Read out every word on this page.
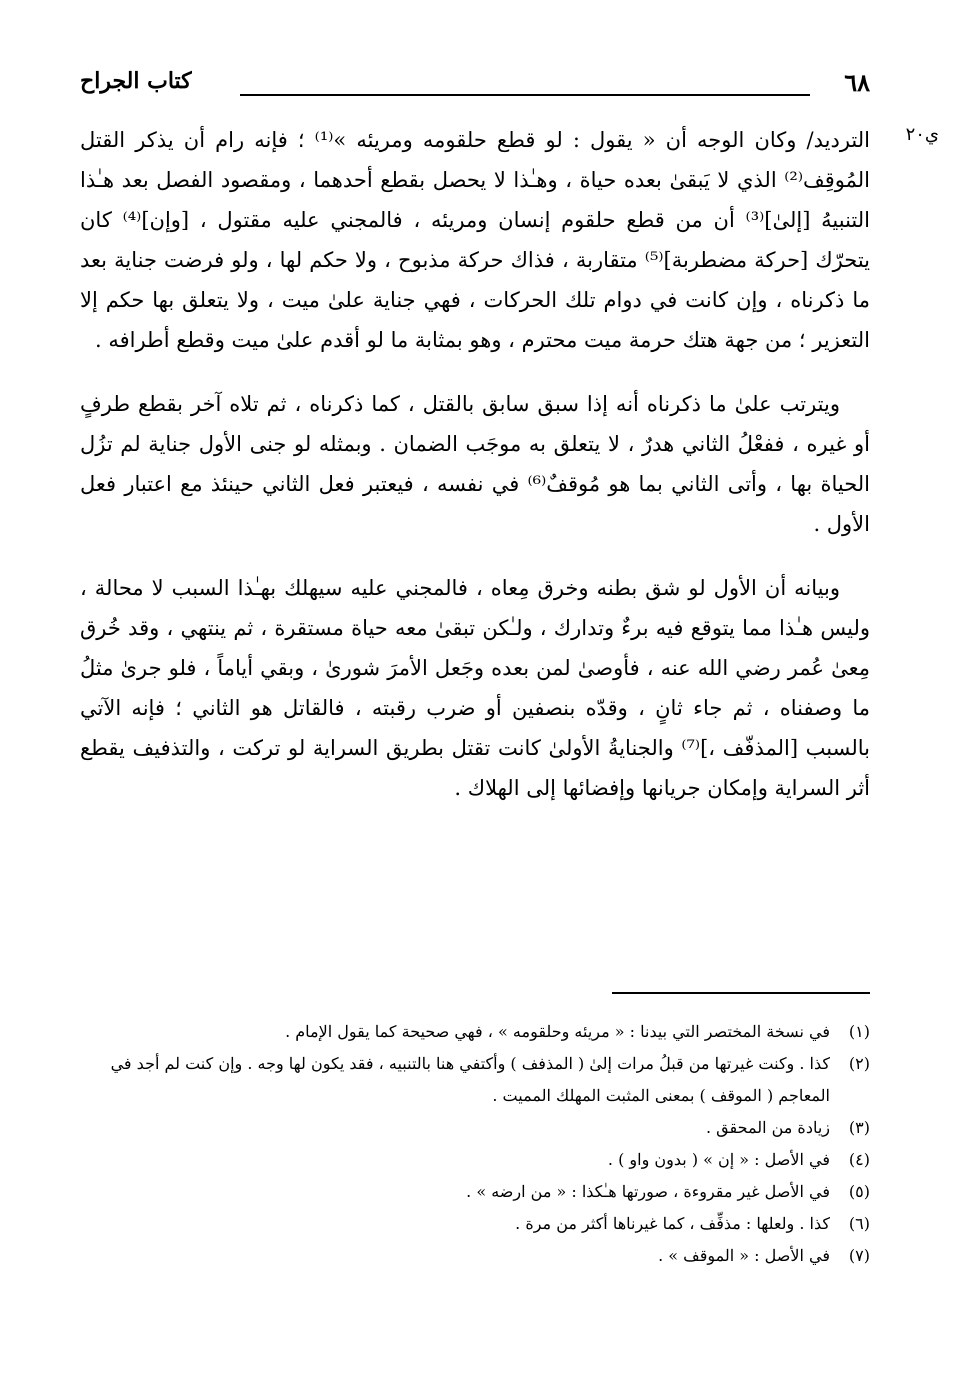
٦٨
كتاب الجراح
ي٢٠

الترديد/ وكان الوجه أن « يقول : لو قطع حلقومه ومريئه »⁽¹⁾ ؛ فإنه رام أن يذكر القتل المُوقِف⁽²⁾ الذي لا يَبقىٰ بعده حياة ، وهـٰذا لا يحصل بقطع أحدهما ، ومقصود الفصل بعد هـٰذا التنبيهُ [إلىٰ]⁽³⁾ أن من قطع حلقوم إنسان ومريئه ، فالمجني عليه مقتول ، [وإن]⁽⁴⁾ كان يتحرّك [حركة مضطربة]⁽⁵⁾ متقاربة ، فذاك حركة مذبوح ، ولا حكم لها ، ولو فرضت جناية بعد ما ذكرناه ، وإن كانت في دوام تلك الحركات ، فهي جناية علىٰ ميت ، ولا يتعلق بها حكم إلا التعزير ؛ من جهة هتك حرمة ميت محترم ، وهو بمثابة ما لو أقدم علىٰ ميت وقطع أطرافه .

ويترتب علىٰ ما ذكرناه أنه إذا سبق سابق بالقتل ، كما ذكرناه ، ثم تلاه آخر بقطع طرفٍ أو غيره ، ففعْلُ الثاني هدرٌ ، لا يتعلق به موجَب الضمان . وبمثله لو جنى الأول جناية لم تزُل الحياة بها ، وأتى الثاني بما هو مُوقفٌ⁽⁶⁾ في نفسه ، فيعتبر فعل الثاني حينئذ مع اعتبار فعل الأول .

وبيانه أن الأول لو شق بطنه وخرق مِعاه ، فالمجني عليه سيهلك بهـٰذا السبب لا محالة ، وليس هـٰذا مما يتوقع فيه برءٌ وتدارك ، ولـٰكن تبقىٰ معه حياة مستقرة ، ثم ينتهي ، وقد خُرق مِعىٰ عُمر رضي الله عنه ، فأوصىٰ لمن بعده وجَعل الأمرَ شورىٰ ، وبقي أياماً ، فلو جرىٰ مثلُ ما وصفناه ، ثم جاء ثانٍ ، وقدّه بنصفين أو ضرب رقبته ، فالقاتل هو الثاني ؛ فإنه الآتي بالسبب [المذفّف ،]⁽⁷⁾ والجنايةُ الأولىٰ كانت تقتل بطريق السراية لو تركت ، والتذفيف يقطع أثر السراية وإمكان جريانها وإفضائها إلى الهلاك .

(١)
في نسخة المختصر التي بيدنا : « مريئه وحلقومه » ، فهي صحيحة كما يقول الإمام .
(٢)
كذا . وكنت غيرتها من قبلُ مرات إلىٰ ( المذفف ) وأكتفي هنا بالتنبيه ، فقد يكون لها وجه . وإن كنت لم أجد في المعاجم ( الموقف ) بمعنى المثبت المهلك المميت .
(٣)
زيادة من المحقق .
(٤)
في الأصل : « إن » ( بدون واو ) .
(٥)
في الأصل غير مقروءة ، صورتها هـٰكذا : « من ارضه » .
(٦)
كذا . ولعلها : مذفِّف ، كما غيرناها أكثر من مرة .
(٧)
في الأصل : « الموقف » .
